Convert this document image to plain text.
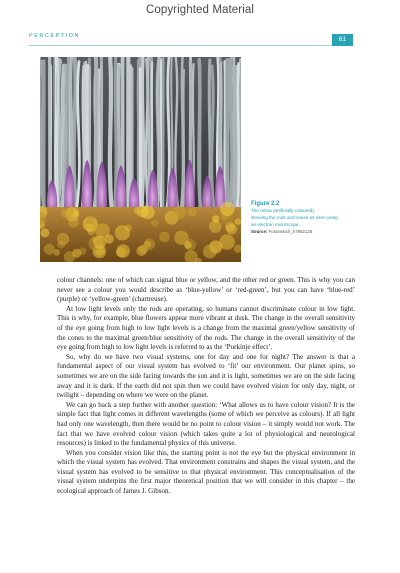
Copyrighted Material
PERCEPTION	61
Figure 2.2
The retina (artificially coloured),
showing the rods and cones as seen using
an electron microscope.
Source: Fotosearch_k7982128

colour channels: one of which can signal blue or yellow, and the other red or green. This is why you can never see a colour you would describe as ‘blue-yellow’ or ‘red-green’, but you can have ‘blue-red’ (purple) or ‘yellow-green’ (chartreuse).

At low light levels only the rods are operating, so humans cannot discriminate colour in low light. This is why, for example, blue flowers appear more vibrant at dusk. The change in the overall sensitivity of the eye going from high to low light levels is a change from the maximal green/yellow sensitivity of the cones to the maximal green/blue sensitivity of the rods. The change in the overall sensitivity of the eye going from high to low light levels is referred to as the ‘Purkinje effect’.

So, why do we have two visual systems, one for day and one for night? The answer is that a fundamental aspect of our visual system has evolved to ‘fit’ our environment. Our planet spins, so sometimes we are on the side facing towards the sun and it is light, sometimes we are on the side facing away and it is dark. If the earth did not spin then we could have evolved vision for only day, night, or twilight – depending on where we were on the planet.

We can go back a step further with another question: ‘What allows us to have colour vision? It is the simple fact that light comes in different wavelengths (some of which we perceive as colours). If all light had only one wavelength, then there would be no point to colour vision – it simply would not work. The fact that we have evolved colour vision (which takes quite a lot of physiological and neurological resources) is linked to the fundamental physics of this universe.

When you consider vision like this, the starting point is not the eye but the physical environment in which the visual system has evolved. That environment constrains and shapes the visual system, and the visual system has evolved to be sensitive to that physical environment. This conceptualisation of the visual system underpins the first major theoretical position that we will consider in this chapter – the ecological approach of James J. Gibson.
